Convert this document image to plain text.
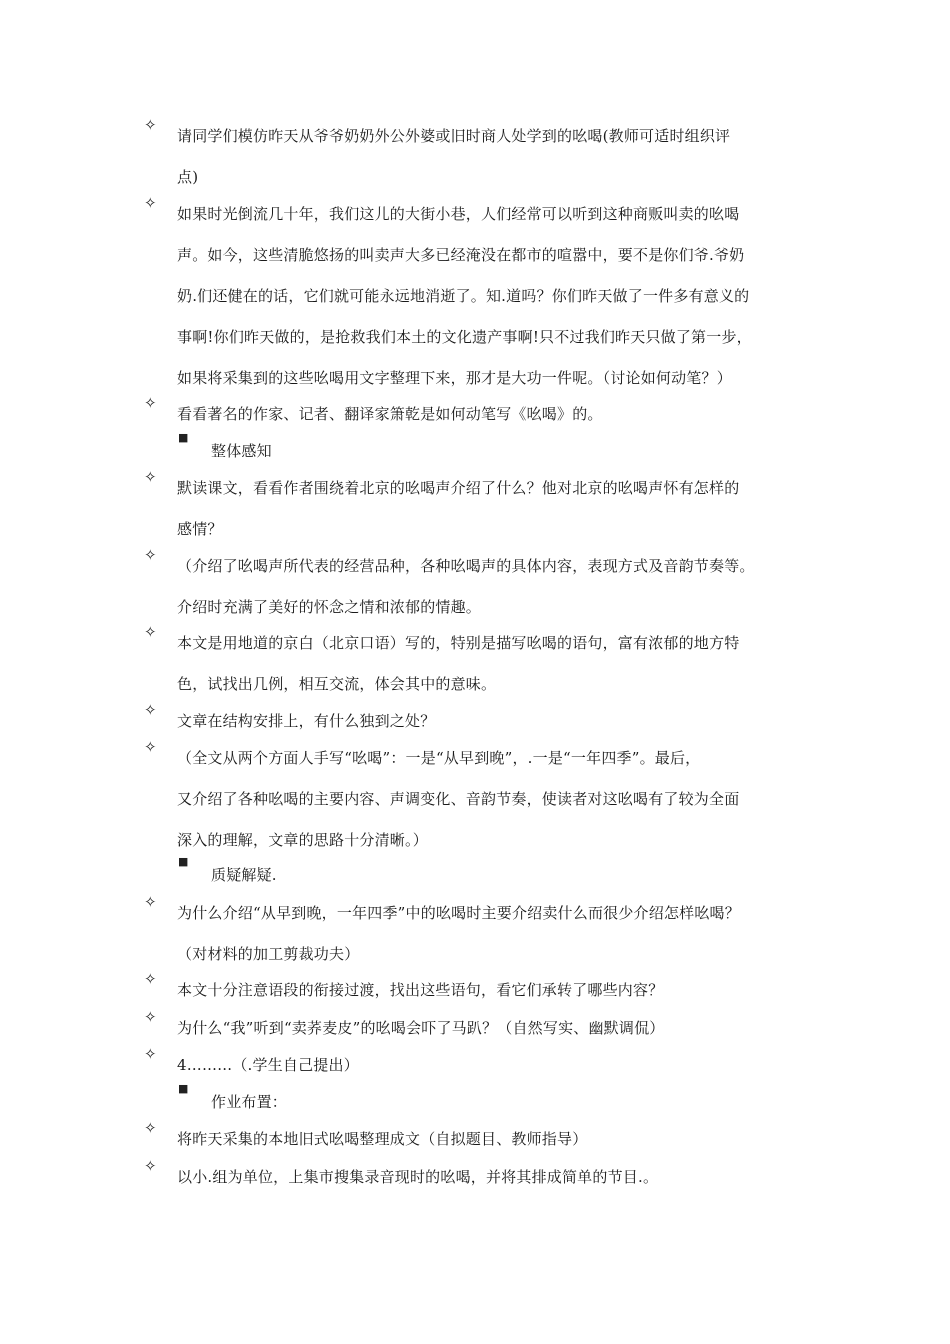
✧
请同学们模仿昨天从爷爷奶奶外公外婆或旧时商人处学到的吆喝(教师可适时组织评
点)
✧
如果时光倒流几十年，我们这儿的大街小巷，人们经常可以听到这种商贩叫卖的吆喝
声。如今，这些清脆悠扬的叫卖声大多已经淹没在都市的喧嚣中，要不是你们爷.爷奶
奶.们还健在的话，它们就可能永远地消逝了。知.道吗？你们昨天做了一件多有意义的
事啊!你们昨天做的，是抢救我们本土的文化遗产事啊!只不过我们昨天只做了第一步，
如果将采集到的这些吆喝用文字整理下来，那才是大功一件呢。（讨论如何动笔？）
✧
看看著名的作家、记者、翻译家箫乾是如何动笔写《吆喝》的。
■
整体感知
✧
默读课文，看看作者围绕着北京的吆喝声介绍了什么？他对北京的吆喝声怀有怎样的
感情？
✧
（介绍了吆喝声所代表的经营品种，各种吆喝声的具体内容，表现方式及音韵节奏等。
介绍时充满了美好的怀念之情和浓郁的情趣。
✧
本文是用地道的京白（北京口语）写的，特别是描写吆喝的语句，富有浓郁的地方特
色，试找出几例，相互交流，体会其中的意味。
✧
文章在结构安排上，有什么独到之处？
✧
（全文从两个方面人手写“吆喝”：一是“从早到晚”，.一是“一年四季”。最后，
又介绍了各种吆喝的主要内容、声调变化、音韵节奏，使读者对这吆喝有了较为全面
深入的理解，文章的思路十分清晰。）
■
质疑解疑.
✧
为什么介绍“从早到晚，一年四季”中的吆喝时主要介绍卖什么而很少介绍怎样吆喝？
（对材料的加工剪裁功夫）
✧
本文十分注意语段的衔接过渡，找出这些语句，看它们承转了哪些内容？
✧
为什么“我”听到“卖荞麦皮”的吆喝会吓了马趴？（自然写实、幽默调侃）
✧
4………（.学生自己提出）
■
作业布置：
✧
将昨天采集的本地旧式吆喝整理成文（自拟题目、教师指导）
✧
以小.组为单位，上集市搜集录音现时的吆喝，并将其排成简单的节目.。
